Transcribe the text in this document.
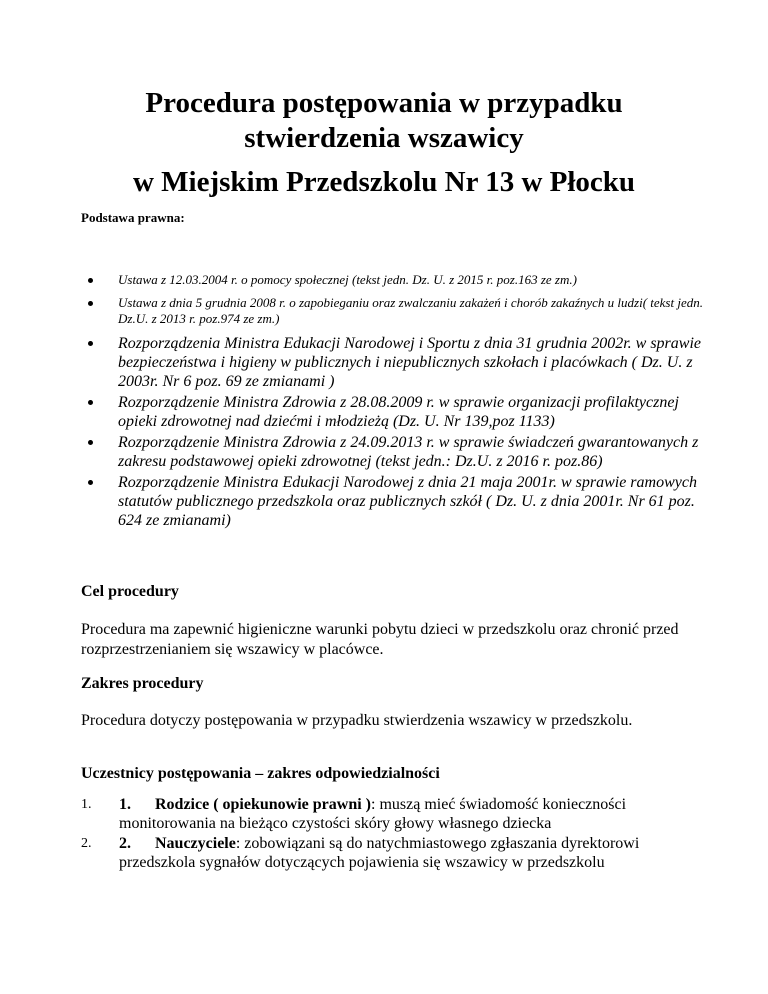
Procedura postępowania w przypadku stwierdzenia wszawicy
w Miejskim Przedszkolu Nr 13 w Płocku
Podstawa prawna:
Ustawa z 12.03.2004 r. o pomocy społecznej (tekst jedn. Dz. U. z 2015 r. poz.163 ze zm.)
Ustawa z dnia 5 grudnia 2008 r. o zapobieganiu oraz zwalczaniu zakażeń i chorób zakaźnych u ludzi( tekst jedn. Dz.U. z 2013 r. poz.974 ze zm.)
Rozporządzenia Ministra Edukacji Narodowej i Sportu z dnia 31 grudnia 2002r. w sprawie bezpieczeństwa i higieny w publicznych i niepublicznych szkołach i placówkach ( Dz. U. z 2003r. Nr 6 poz. 69 ze zmianami )
Rozporządzenie Ministra Zdrowia z 28.08.2009 r. w sprawie organizacji profilaktycznej opieki zdrowotnej nad dziećmi i młodzieżą (Dz. U. Nr 139,poz 1133)
Rozporządzenie Ministra Zdrowia z 24.09.2013 r. w sprawie świadczeń gwarantowanych z zakresu podstawowej opieki zdrowotnej (tekst jedn.: Dz.U. z 2016 r. poz.86)
Rozporządzenie Ministra Edukacji Narodowej z dnia 21 maja 2001r. w sprawie ramowych statutów publicznego przedszkola oraz publicznych szkół ( Dz. U. z dnia 2001r. Nr 61 poz. 624 ze zmianami)
Cel procedury

Procedura ma zapewnić higieniczne warunki pobytu dzieci w przedszkolu oraz chronić przed rozprzestrzenianiem się wszawicy w placówce.

Zakres procedury

Procedura dotyczy postępowania w przypadku stwierdzenia wszawicy w przedszkolu.

Uczestnicy postępowania – zakres odpowiedzialności
1.	1. Rodzice ( opiekunowie prawni ): muszą mieć świadomość konieczności monitorowania na bieżąco czystości skóry głowy własnego dziecka
2.	2. Nauczyciele: zobowiązani są do natychmiastowego zgłaszania dyrektorowi przedszkola sygnałów dotyczących pojawienia się wszawicy w przedszkolu
